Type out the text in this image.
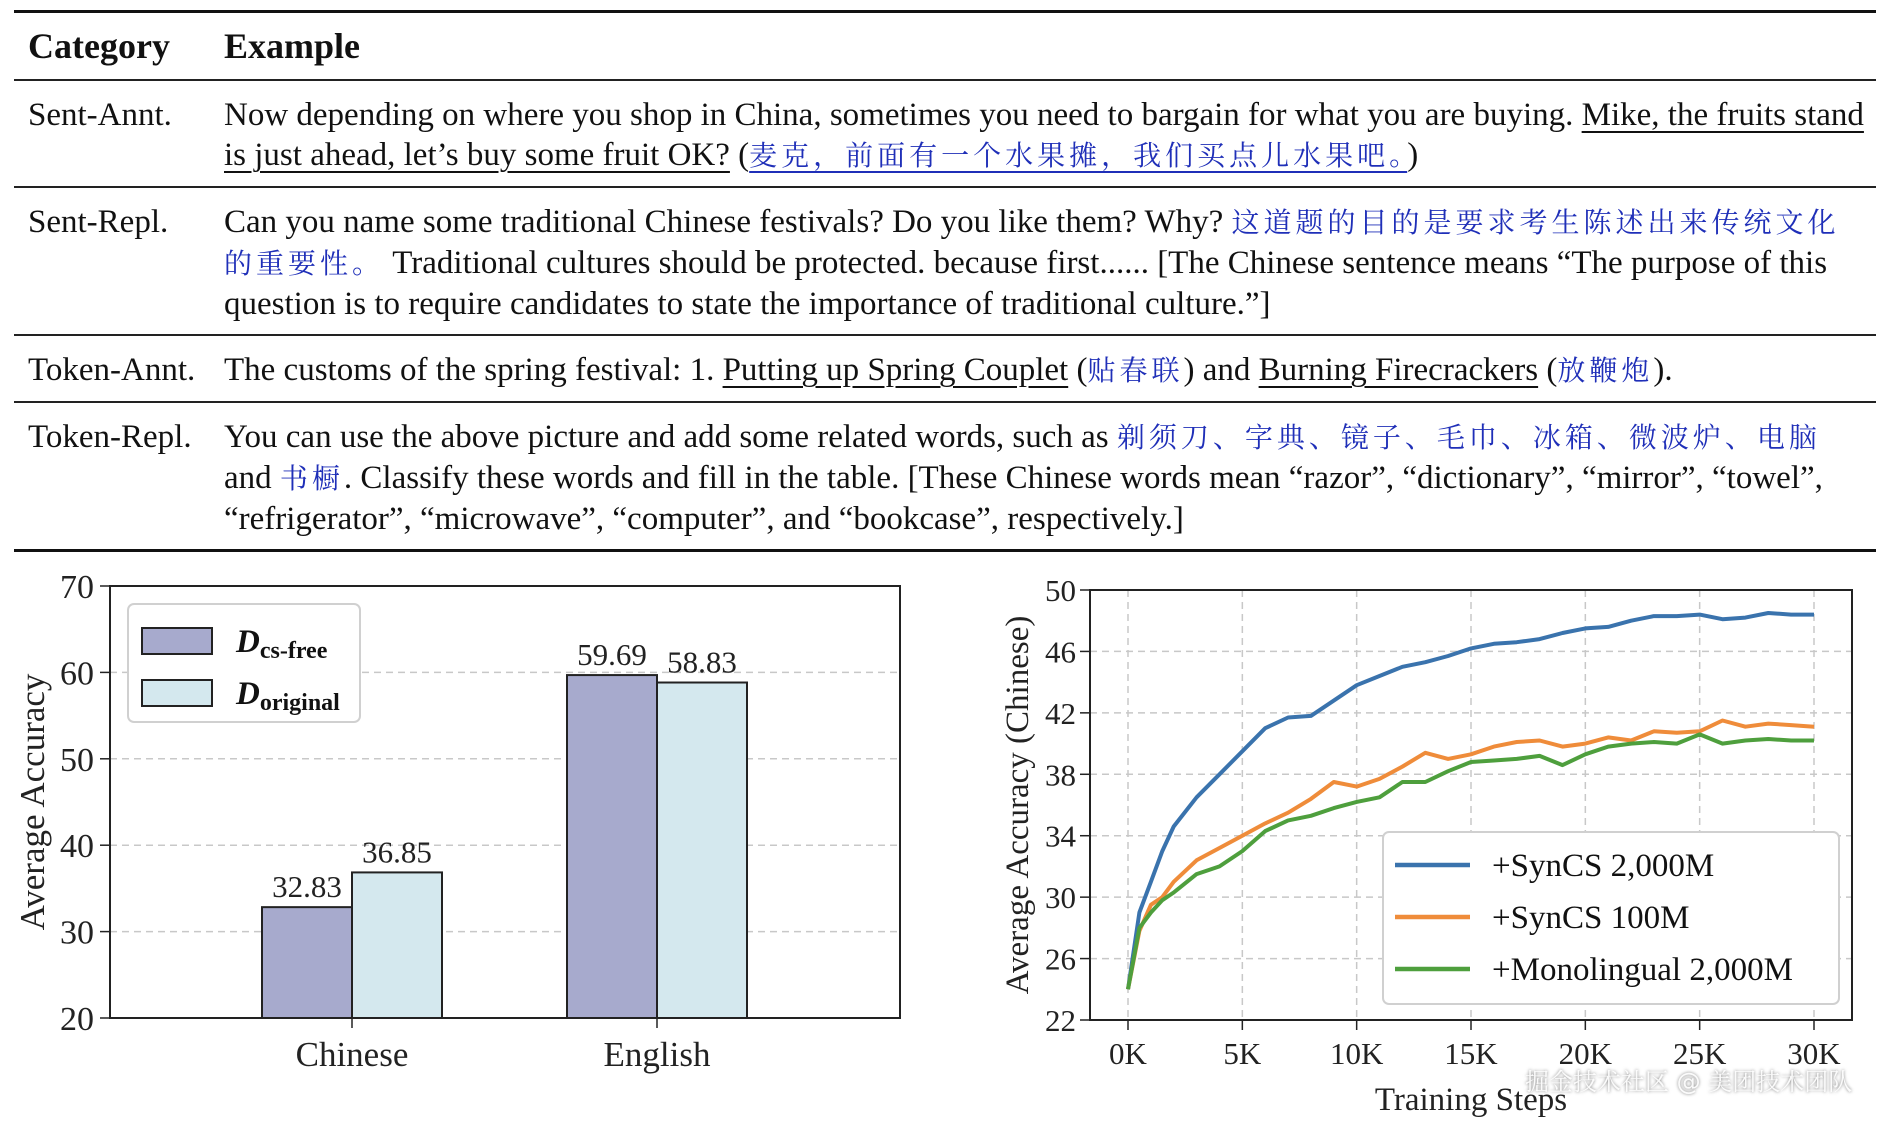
Category	Example
Sent-Annt.	Now depending on where you shop in China, sometimes you need to bargain for what you are buying. Mike, the fruits stand is just ahead, let’s buy some fruit OK? (麦克，前面有一个水果摊，我们买点儿水果吧。)
Sent-Repl.	Can you name some traditional Chinese festivals? Do you like them? Why? 这道题的目的是要求考生陈述出来传统文化的重要性。 Traditional cultures should be protected. because first...... [The Chinese sentence means “The purpose of this question is to require candidates to state the importance of traditional culture.”]
Token-Annt. The customs of the spring festival: 1. Putting up Spring Couplet (贴春联) and Burning Firecrackers (放鞭炮).
Token-Repl. You can use the above picture and add some related words, such as 剃须刀、字典、镜子、毛巾、冰箱、微波炉、电脑 and 书橱. Classify these words and fill in the table. [These Chinese words mean “razor”, “dictionary”, “mirror”, “towel”, “refrigerator”, “microwave”, “computer”, and “bookcase”, respectively.]
20
30
40
50
60
70
32.83
59.69
36.85
58.83
Chinese	English
Average Accuracy
Dcs-free
Doriginal
22
26
30
34
38
42
46
50
0K 5K 10K 15K 20K 25K 30K
Average Accuracy (Chinese)
Training Steps
+SynCS 2,000M
+SynCS 100M
+Monolingual 2,000M
掘金技术社区 @ 美团技术团队
